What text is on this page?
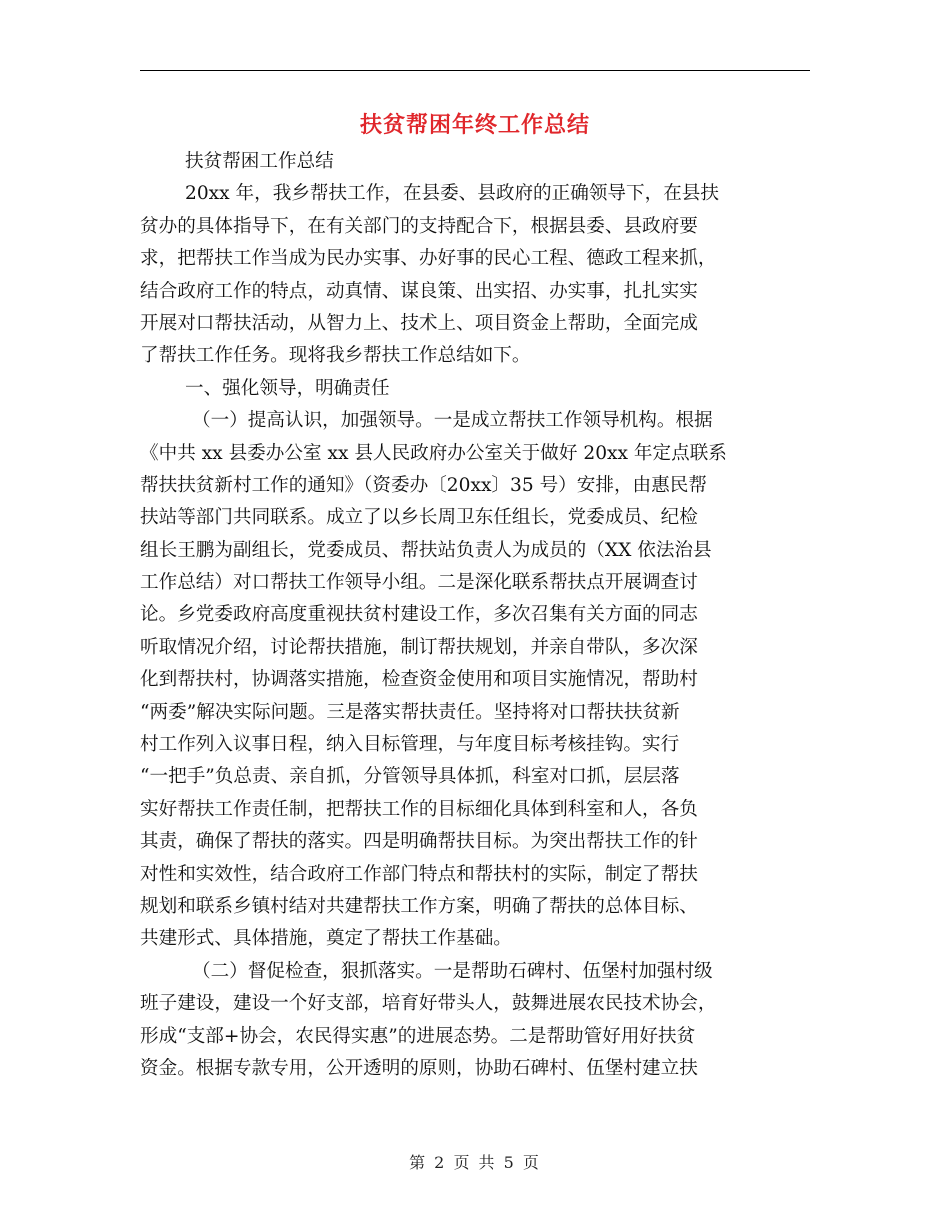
扶贫帮困年终工作总结
扶贫帮困工作总结
20xx 年，我乡帮扶工作，在县委、县政府的正确领导下，在县扶
贫办的具体指导下，在有关部门的支持配合下，根据县委、县政府要
求，把帮扶工作当成为民办实事、办好事的民心工程、德政工程来抓，
结合政府工作的特点，动真情、谋良策、出实招、办实事，扎扎实实
开展对口帮扶活动，从智力上、技术上、项目资金上帮助，全面完成
了帮扶工作任务。现将我乡帮扶工作总结如下。
一、强化领导，明确责任
（一）提高认识，加强领导。一是成立帮扶工作领导机构。根据
《中共 xx 县委办公室 xx 县人民政府办公室关于做好 20xx 年定点联系
帮扶扶贫新村工作的通知》（资委办〔20xx〕35 号）安排，由惠民帮
扶站等部门共同联系。成立了以乡长周卫东任组长，党委成员、纪检
组长王鹏为副组长，党委成员、帮扶站负责人为成员的（XX 依法治县
工作总结）对口帮扶工作领导小组。二是深化联系帮扶点开展调查讨
论。乡党委政府高度重视扶贫村建设工作，多次召集有关方面的同志
听取情况介绍，讨论帮扶措施，制订帮扶规划，并亲自带队，多次深
化到帮扶村，协调落实措施，检查资金使用和项目实施情况，帮助村
“两委”解决实际问题。三是落实帮扶责任。坚持将对口帮扶扶贫新
村工作列入议事日程，纳入目标管理，与年度目标考核挂钩。实行
“一把手”负总责、亲自抓，分管领导具体抓，科室对口抓，层层落
实好帮扶工作责任制，把帮扶工作的目标细化具体到科室和人，各负
其责，确保了帮扶的落实。四是明确帮扶目标。为突出帮扶工作的针
对性和实效性，结合政府工作部门特点和帮扶村的实际，制定了帮扶
规划和联系乡镇村结对共建帮扶工作方案，明确了帮扶的总体目标、
共建形式、具体措施，奠定了帮扶工作基础。
（二）督促检查，狠抓落实。一是帮助石碑村、伍堡村加强村级
班子建设，建设一个好支部，培育好带头人，鼓舞进展农民技术协会，
形成“支部+协会，农民得实惠”的进展态势。二是帮助管好用好扶贫
资金。根据专款专用，公开透明的原则，协助石碑村、伍堡村建立扶
第 2 页 共 5 页
